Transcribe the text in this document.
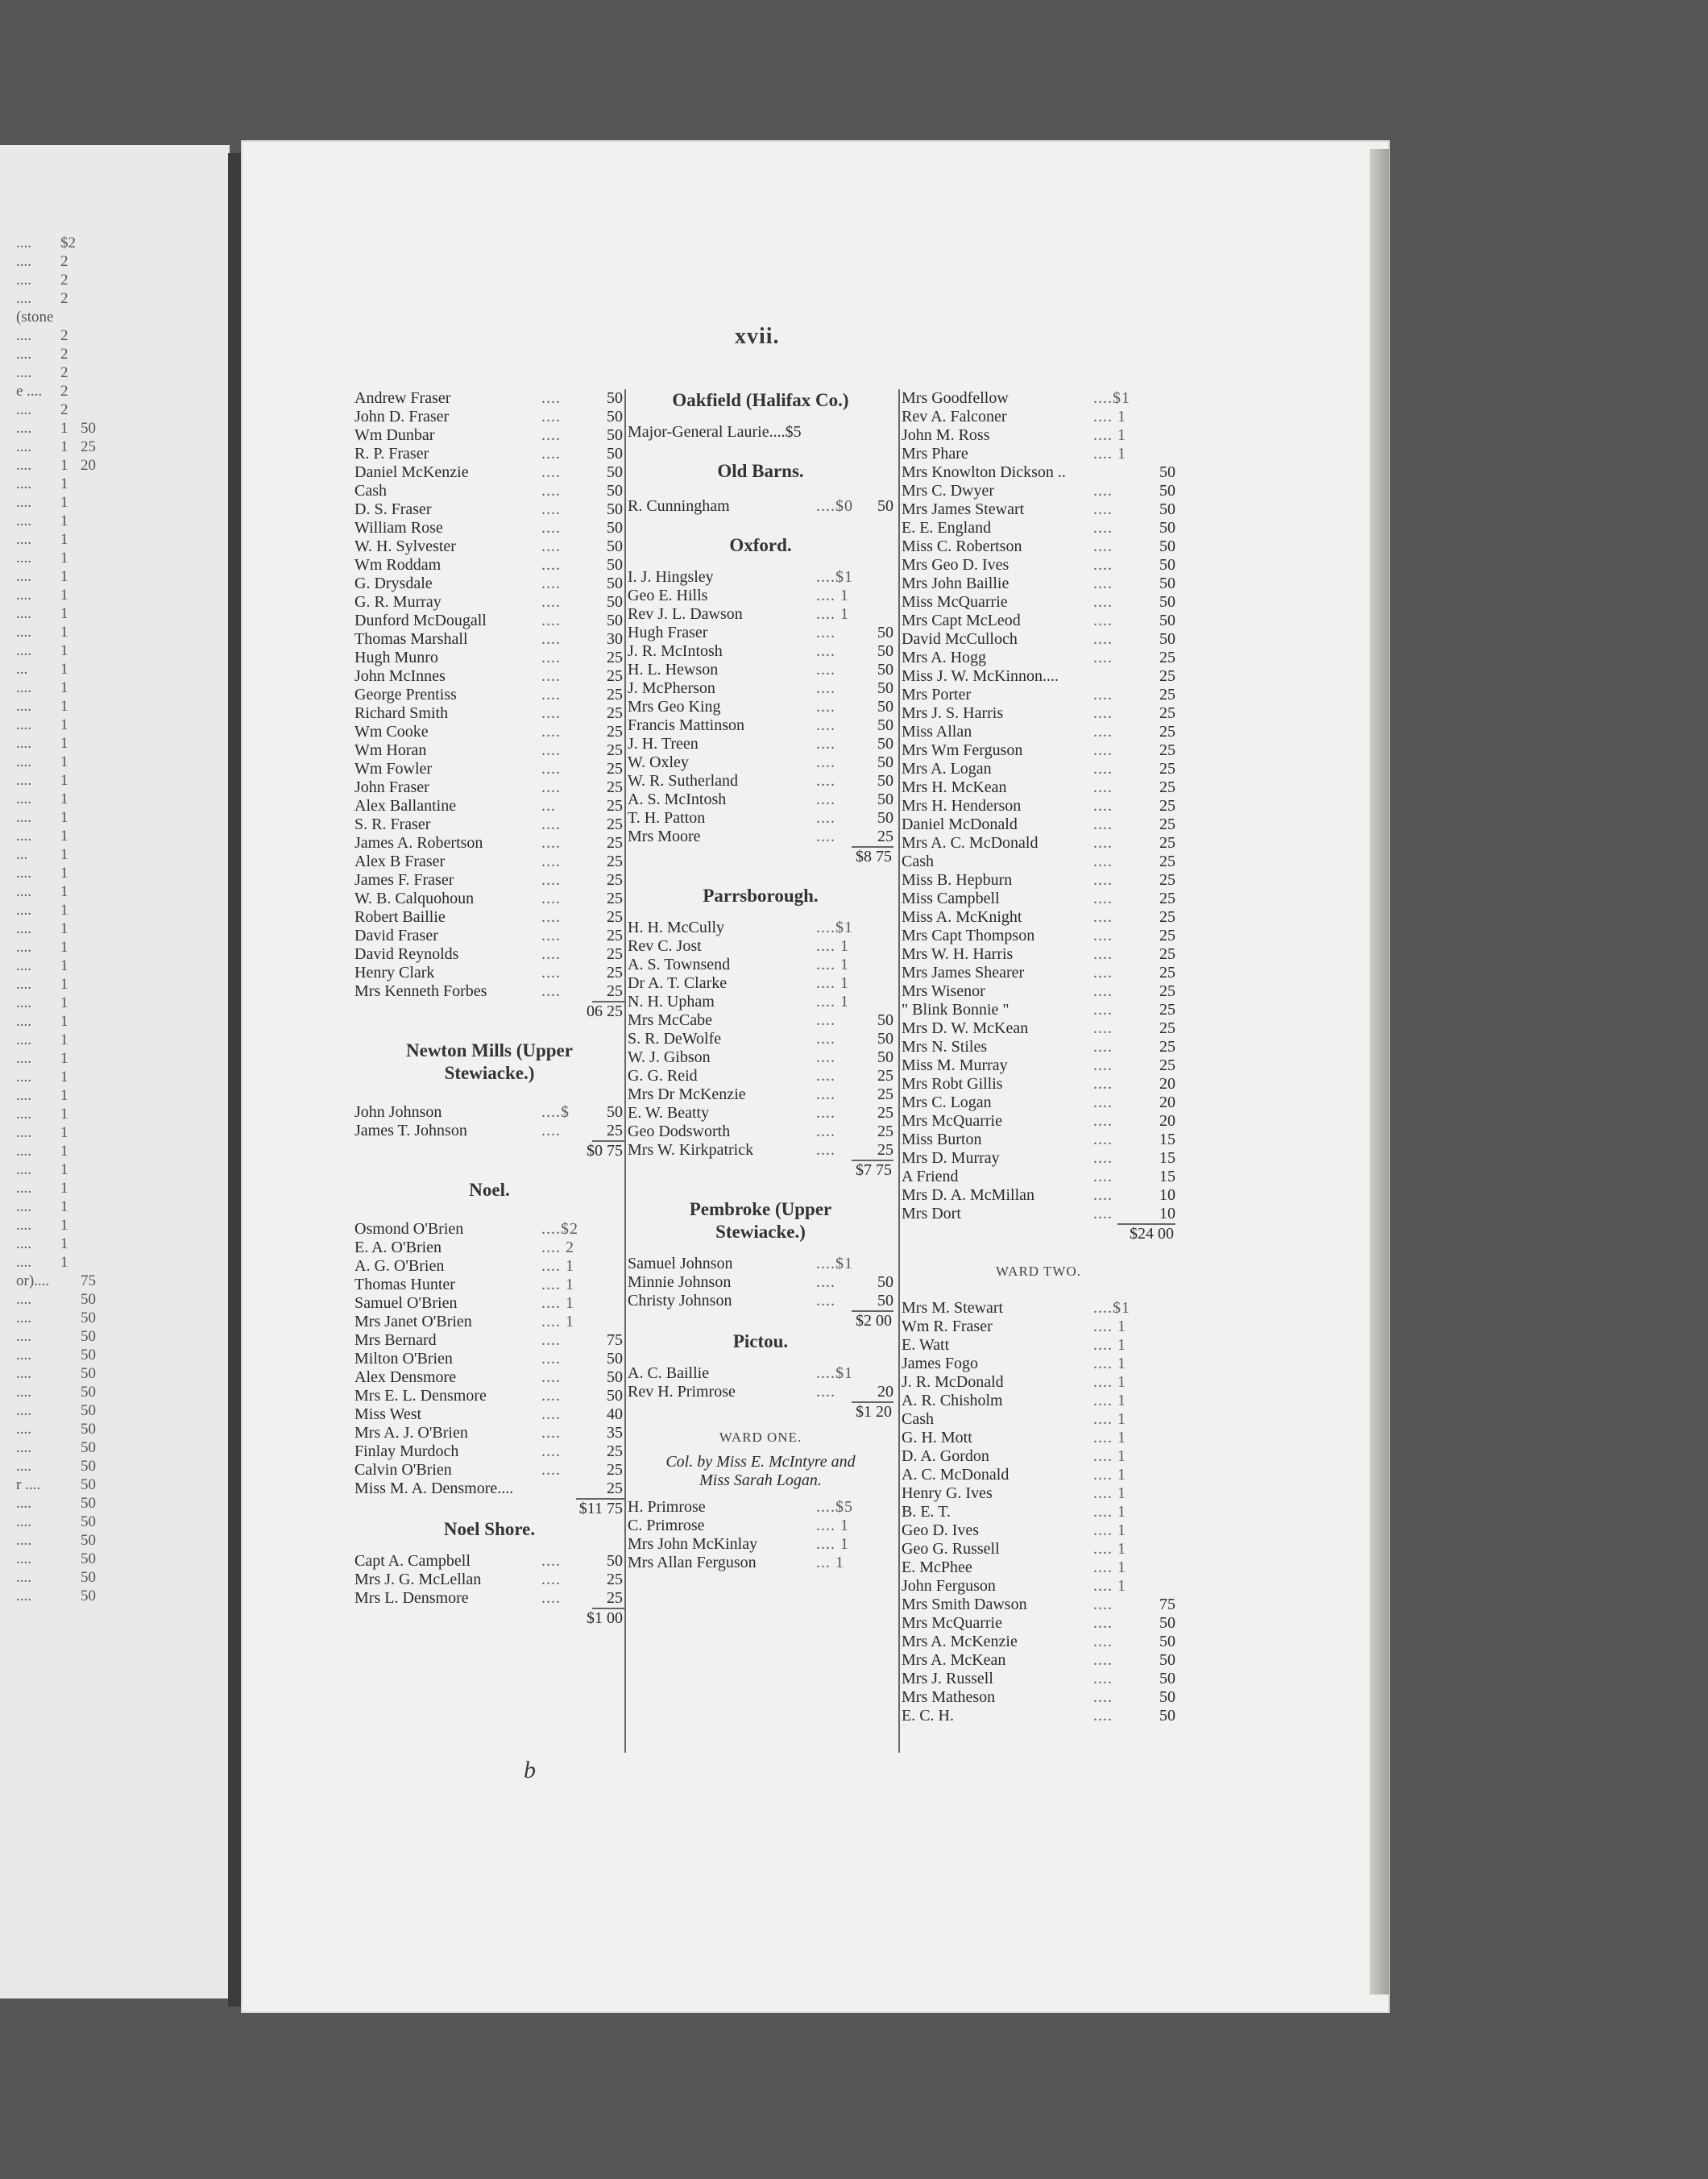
.... $2
.... 2
.... 2
.... 2
(stone
.... 2
.... 2
.... 2
e .... 2
.... 2
.... 1 50
.... 1 25
.... 1 20
.... 1
.... 1
.... 1
.... 1
.... 1
.... 1
.... 1
.... 1
.... 1
.... 1
... 1
.... 1
.... 1
.... 1
.... 1
.... 1
.... 1
.... 1
.... 1
.... 1
... 1
.... 1
.... 1
.... 1
.... 1
.... 1
.... 1
.... 1
.... 1
.... 1
.... 1
.... 1
.... 1
.... 1
.... 1
.... 1
.... 1
.... 1
.... 1
.... 1
.... 1
.... 1
.... 1
or).... 75
....	50
....	50
....	50
....	50
....	50
....	50
....	50
....	50
....	50
....	50
r ....	50
....	50
....	50
....	50
....	50
....	50
....	50
xvii.
Andrew Fraser	....	50
John D. Fraser	....	50
Wm Dunbar	....	50
R. P. Fraser	....	50
Daniel McKenzie	....	50
Cash	....	50
D. S. Fraser	....	50
William Rose	....	50
W. H. Sylvester	....	50
Wm Roddam	....	50
G. Drysdale	....	50
G. R. Murray	....	50
Dunford McDougall	....	50
Thomas Marshall	....	30
Hugh Munro	....	25
John McInnes	....	25
George Prentiss	....	25
Richard Smith	....	25
Wm Cooke	....	25
Wm Horan	....	25
Wm Fowler	....	25
John Fraser	....	25
Alex Ballantine	...	25
S. R. Fraser	....	25
James A. Robertson	....	25
Alex B Fraser	....	25
James F. Fraser	....	25
W. B. Calquohoun	....	25
Robert Baillie	....	25
David Fraser	....	25
David Reynolds	....	25
Henry Clark	....	25
Mrs Kenneth Forbes	....	25
06 25
Newton Mills (Upper
Stewiacke.)
John Johnson	....$	50
James T. Johnson	....	25
$0 75
Noel.
Osmond O'Brien	....$2
E. A. O'Brien	.... 2
A. G. O'Brien	.... 1
Thomas Hunter	.... 1
Samuel O'Brien	.... 1
Mrs Janet O'Brien	.... 1
Mrs Bernard	....	75
Milton O'Brien	....	50
Alex Densmore	....	50
Mrs E. L. Densmore	....	50
Miss West	....	40
Mrs A. J. O'Brien	....	35
Finlay Murdoch	....	25
Calvin O'Brien	....	25
Miss M. A. Densmore....	25
$11 75
Noel Shore.
Capt A. Campbell	....	50
Mrs J. G. McLellan	....	25
Mrs L. Densmore	....	25
$1 00
Oakfield (Halifax Co.)
Major-General Laurie....$5
Old Barns.
R. Cunningham	....$0	50
Oxford.
I. J. Hingsley	....$1
Geo E. Hills	.... 1
Rev J. L. Dawson	.... 1
Hugh Fraser	....	50
J. R. McIntosh	....	50
H. L. Hewson	....	50
J. McPherson	....	50
Mrs Geo King	....	50
Francis Mattinson	....	50
J. H. Treen	....	50
W. Oxley	....	50
W. R. Sutherland	....	50
A. S. McIntosh	....	50
T. H. Patton	....	50
Mrs Moore	....	25
$8 75
Parrsborough.
H. H. McCully	....$1
Rev C. Jost	.... 1
A. S. Townsend	.... 1
Dr A. T. Clarke	.... 1
N. H. Upham	.... 1
Mrs McCabe	....	50
S. R. DeWolfe	....	50
W. J. Gibson	....	50
G. G. Reid	....	25
Mrs Dr McKenzie	....	25
E. W. Beatty	....	25
Geo Dodsworth	....	25
Mrs W. Kirkpatrick	....	25
$7 75
Pembroke (Upper
Stewiacke.)
Samuel Johnson	....$1
Minnie Johnson	....	50
Christy Johnson	....	50
$2 00
Pictou.
A. C. Baillie	....$1
Rev H. Primrose	....	20
$1 20
WARD ONE.
Col. by Miss E. McIntyre and
Miss Sarah Logan.
H. Primrose	....$5
C. Primrose	.... 1
Mrs John McKinlay	.... 1
Mrs Allan Ferguson	... 1
Mrs Goodfellow	....$1
Rev A. Falconer	.... 1
John M. Ross	.... 1
Mrs Phare	.... 1
Mrs Knowlton Dickson ..	50
Mrs C. Dwyer	....	50
Mrs James Stewart	....	50
E. E. England	....	50
Miss C. Robertson	....	50
Mrs Geo D. Ives	....	50
Mrs John Baillie	....	50
Miss McQuarrie	....	50
Mrs Capt McLeod	....	50
David McCulloch	....	50
Mrs A. Hogg	....	25
Miss J. W. McKinnon....	25
Mrs Porter	....	25
Mrs J. S. Harris	....	25
Miss Allan	....	25
Mrs Wm Ferguson	....	25
Mrs A. Logan	....	25
Mrs H. McKean	....	25
Mrs H. Henderson	....	25
Daniel McDonald	....	25
Mrs A. C. McDonald	....	25
Cash	....	25
Miss B. Hepburn	....	25
Miss Campbell	....	25
Miss A. McKnight	....	25
Mrs Capt Thompson	....	25
Mrs W. H. Harris	....	25
Mrs James Shearer	....	25
Mrs Wisenor	....	25
" Blink Bonnie "	....	25
Mrs D. W. McKean	....	25
Mrs N. Stiles	....	25
Miss M. Murray	....	25
Mrs Robt Gillis	....	20
Mrs C. Logan	....	20
Mrs McQuarrie	....	20
Miss Burton	....	15
Mrs D. Murray	....	15
A Friend	....	15
Mrs D. A. McMillan	....	10
Mrs Dort	....	10
$24 00
WARD TWO.
Mrs M. Stewart	....$1
Wm R. Fraser	.... 1
E. Watt	.... 1
James Fogo	.... 1
J. R. McDonald	.... 1
A. R. Chisholm	.... 1
Cash	.... 1
G. H. Mott	.... 1
D. A. Gordon	.... 1
A. C. McDonald	.... 1
Henry G. Ives	.... 1
B. E. T.	.... 1
Geo D. Ives	.... 1
Geo G. Russell	.... 1
E. McPhee	.... 1
John Ferguson	.... 1
Mrs Smith Dawson	....	75
Mrs McQuarrie	....	50
Mrs A. McKenzie	....	50
Mrs A. McKean	....	50
Mrs J. Russell	....	50
Mrs Matheson	....	50
E. C. H.	....	50
b
